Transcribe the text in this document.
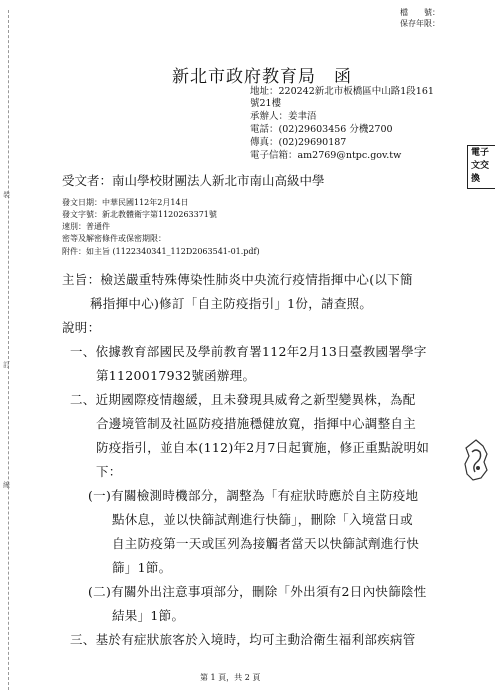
裝
訂
線
檔　　號：
保存年限：
新北市政府教育局　函
地址：220242新北市板橋區中山路1段161
號21樓
承辦人：姜聿浯
電話：(02)29603456 分機2700
傳真：(02)29690187
電子信箱：am2769@ntpc.gov.tw	電子
文交
換
受文者：南山學校財團法人新北市南山高級中學
發文日期：中華民國112年2月14日
發文字號：新北教體衛字第1120263371號
速別：普通件
密等及解密條件或保密期限：
附件：如主旨 (1122340341_112D2063541-01.pdf)
主旨：檢送嚴重特殊傳染性肺炎中央流行疫情指揮中心(以下簡
稱指揮中心)修訂「自主防疫指引」1份，請查照。
說明：
一、依據教育部國民及學前教育署112年2月13日臺教國署學字
第1120017932號函辦理。
二、近期國際疫情趨緩，且未發現具威脅之新型變異株，為配
合邊境管制及社區防疫措施穩健放寬，指揮中心調整自主
防疫指引，並自本(112)年2月7日起實施，修正重點說明如
下：
(一)有關檢測時機部分，調整為「有症狀時應於自主防疫地
點休息，並以快篩試劑進行快篩」，刪除「入境當日或
自主防疫第一天或匡列為接觸者當天以快篩試劑進行快
篩」1節。
(二)有關外出注意事項部分，刪除「外出須有2日內快篩陰性
結果」1節。
三、基於有症狀旅客於入境時，均可主動洽衛生福利部疾病管
第 1 頁，共 2 頁
